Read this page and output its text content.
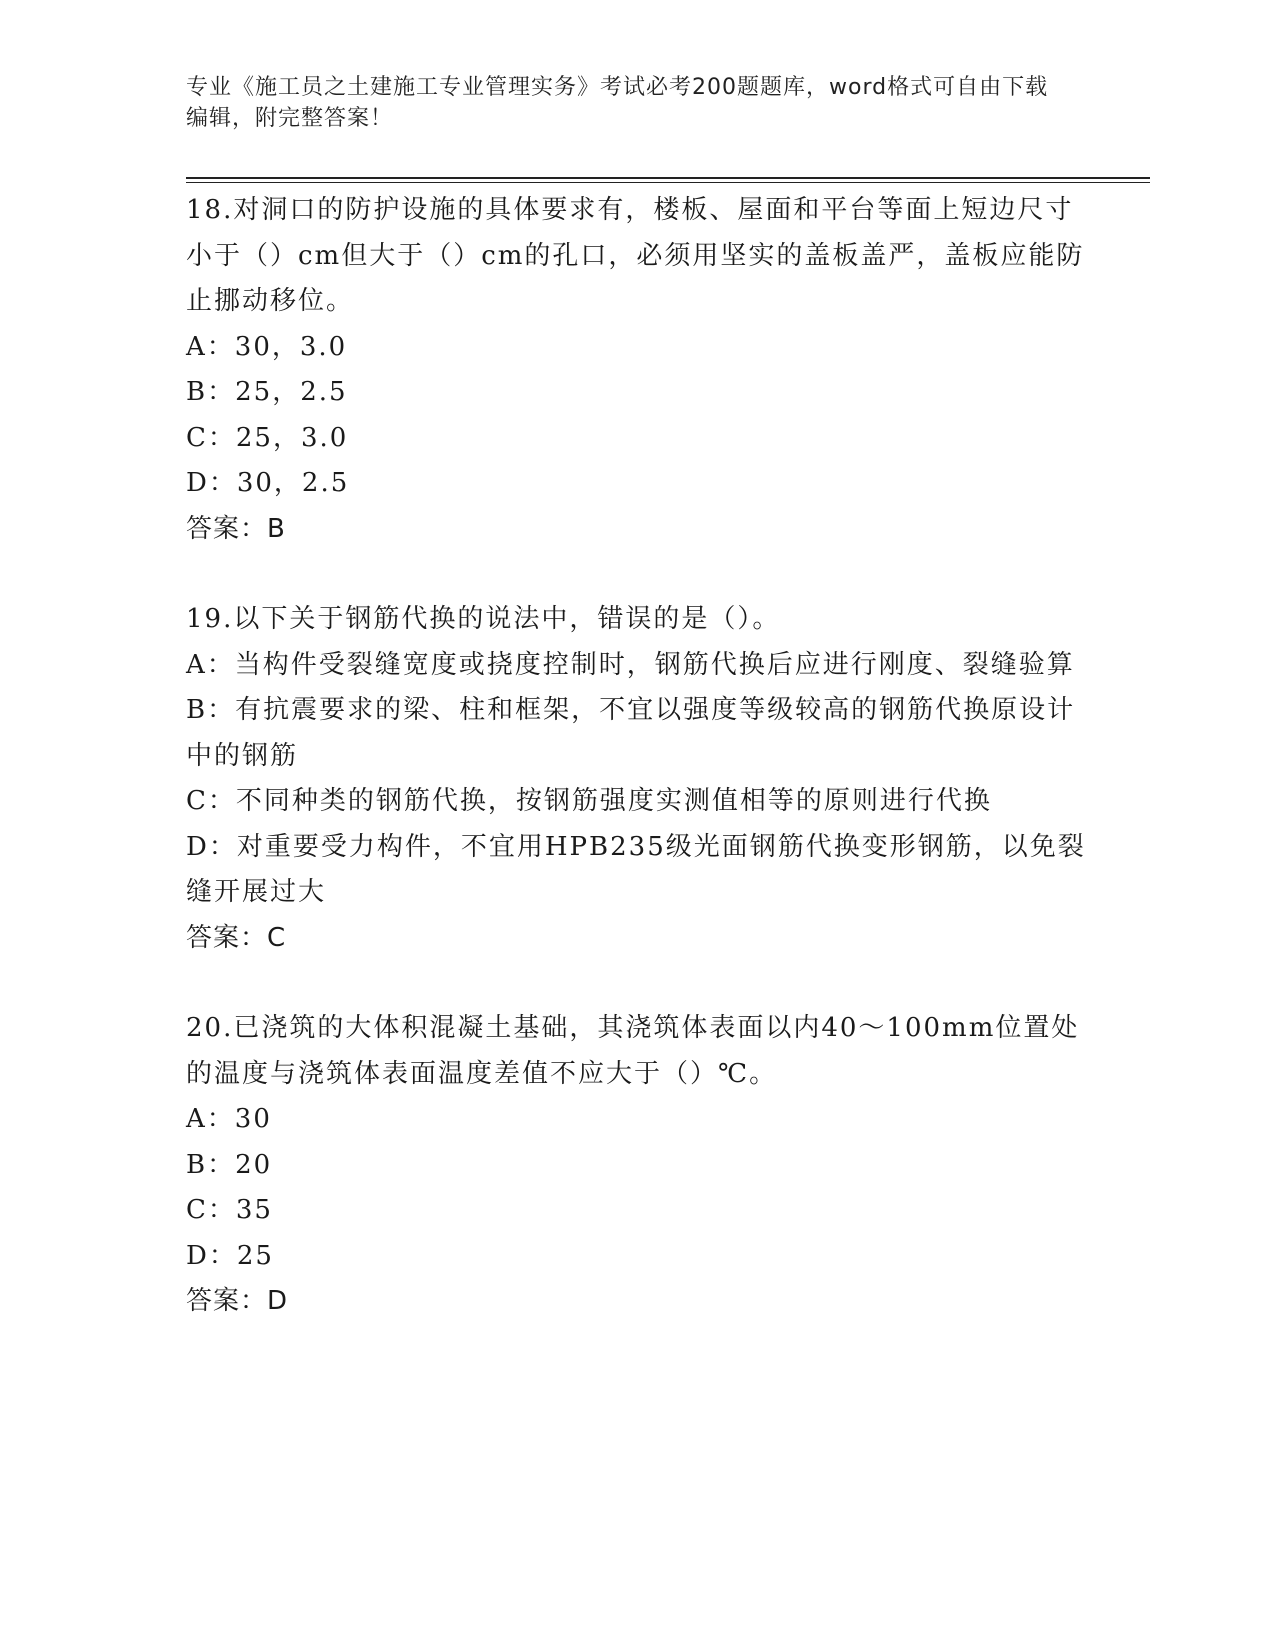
专业《施工员之土建施工专业管理实务》考试必考200题题库，word格式可自由下载编辑，附完整答案！
18.对洞口的防护设施的具体要求有，楼板、屋面和平台等面上短边尺寸小于（）cm但大于（）cm的孔口，必须用坚实的盖板盖严，盖板应能防止挪动移位。
A：30，3.0
B：25，2.5
C：25，3.0
D：30，2.5
答案：B
19.以下关于钢筋代换的说法中，错误的是（）。
A：当构件受裂缝宽度或挠度控制时，钢筋代换后应进行刚度、裂缝验算
B：有抗震要求的梁、柱和框架，不宜以强度等级较高的钢筋代换原设计中的钢筋
C：不同种类的钢筋代换，按钢筋强度实测值相等的原则进行代换
D：对重要受力构件，不宜用HPB235级光面钢筋代换变形钢筋，以免裂缝开展过大
答案：C
20.已浇筑的大体积混凝土基础，其浇筑体表面以内40～100mm位置处的温度与浇筑体表面温度差值不应大于（）℃。
A：30
B：20
C：35
D：25
答案：D
